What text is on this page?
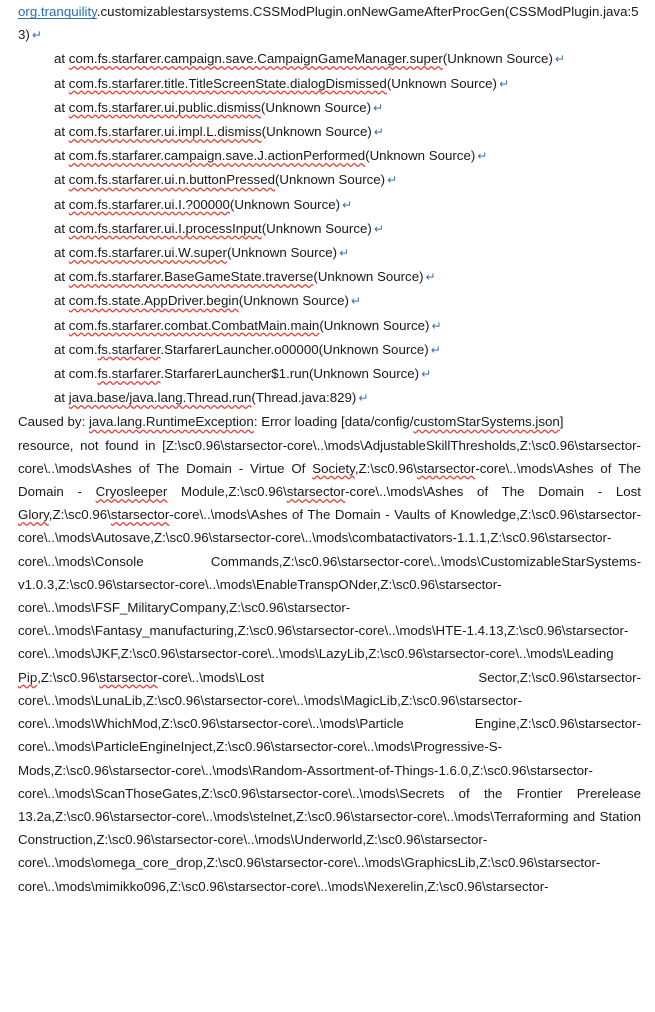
org.tranquility.customizablestarsystems.CSSModPlugin.onNewGameAfterProcGen(CSSModPlugin.java:53) ↵
at com.fs.starfarer.campaign.save.CampaignGameManager.super(Unknown Source) ↵
at com.fs.starfarer.title.TitleScreenState.dialogDismissed(Unknown Source) ↵
at com.fs.starfarer.ui.public.dismiss(Unknown Source) ↵
at com.fs.starfarer.ui.impl.L.dismiss(Unknown Source) ↵
at com.fs.starfarer.campaign.save.J.actionPerformed(Unknown Source) ↵
at com.fs.starfarer.ui.n.buttonPressed(Unknown Source) ↵
at com.fs.starfarer.ui.I.?00000(Unknown Source) ↵
at com.fs.starfarer.ui.I.processInput(Unknown Source) ↵
at com.fs.starfarer.ui.W.super(Unknown Source) ↵
at com.fs.starfarer.BaseGameState.traverse(Unknown Source) ↵
at com.fs.state.AppDriver.begin(Unknown Source) ↵
at com.fs.starfarer.combat.CombatMain.main(Unknown Source) ↵
at com.fs.starfarer.StarfarerLauncher.o00000(Unknown Source) ↵
at com.fs.starfarer.StarfarerLauncher$1.run(Unknown Source) ↵
at java.base/java.lang.Thread.run(Thread.java:829) ↵
Caused by: java.lang.RuntimeException: Error loading [data/config/customStarSystems.json]
resource, not found in [Z:\sc0.96\starsector-core\..\mods\AdjustableSkillThresholds,Z:\sc0.96\starsector-core\..\mods\Ashes of The Domain - Virtue Of Society,Z:\sc0.96\starsector-core\..\mods\Ashes of The Domain - Cryosleeper Module,Z:\sc0.96\starsector-core\..\mods\Ashes of The Domain - Lost Glory,Z:\sc0.96\starsector-core\..\mods\Ashes of The Domain - Vaults of Knowledge,Z:\sc0.96\starsector-core\..\mods\Autosave,Z:\sc0.96\starsector-core\..\mods\combatactivators-1.1.1,Z:\sc0.96\starsector-core\..\mods\Console Commands,Z:\sc0.96\starsector-core\..\mods\CustomizableStarSystems-v1.0.3,Z:\sc0.96\starsector-core\..\mods\EnableTranspONder,Z:\sc0.96\starsector-core\..\mods\FSF_MilitaryCompany,Z:\sc0.96\starsector-core\..\mods\Fantasy_manufacturing,Z:\sc0.96\starsector-core\..\mods\HTE-1.4.13,Z:\sc0.96\starsector-core\..\mods\JKF,Z:\sc0.96\starsector-core\..\mods\LazyLib,Z:\sc0.96\starsector-core\..\mods\Leading Pip,Z:\sc0.96\starsector-core\..\mods\Lost Sector,Z:\sc0.96\starsector-core\..\mods\LunaLib,Z:\sc0.96\starsector-core\..\mods\MagicLib,Z:\sc0.96\starsector-core\..\mods\WhichMod,Z:\sc0.96\starsector-core\..\mods\Particle Engine,Z:\sc0.96\starsector-core\..\mods\ParticleEngineInject,Z:\sc0.96\starsector-core\..\mods\Progressive-S-Mods,Z:\sc0.96\starsector-core\..\mods\Random-Assortment-of-Things-1.6.0,Z:\sc0.96\starsector-core\..\mods\ScanThoseGates,Z:\sc0.96\starsector-core\..\mods\Secrets of the Frontier Prerelease 13.2a,Z:\sc0.96\starsector-core\..\mods\stelnet,Z:\sc0.96\starsector-core\..\mods\Terraforming and Station Construction,Z:\sc0.96\starsector-core\..\mods\Underworld,Z:\sc0.96\starsector-core\..\mods\omega_core_drop,Z:\sc0.96\starsector-core\..\mods\GraphicsLib,Z:\sc0.96\starsector-core\..\mods\mimikko096,Z:\sc0.96\starsector-core\..\mods\Nexerelin,Z:\sc0.96\starsector-
